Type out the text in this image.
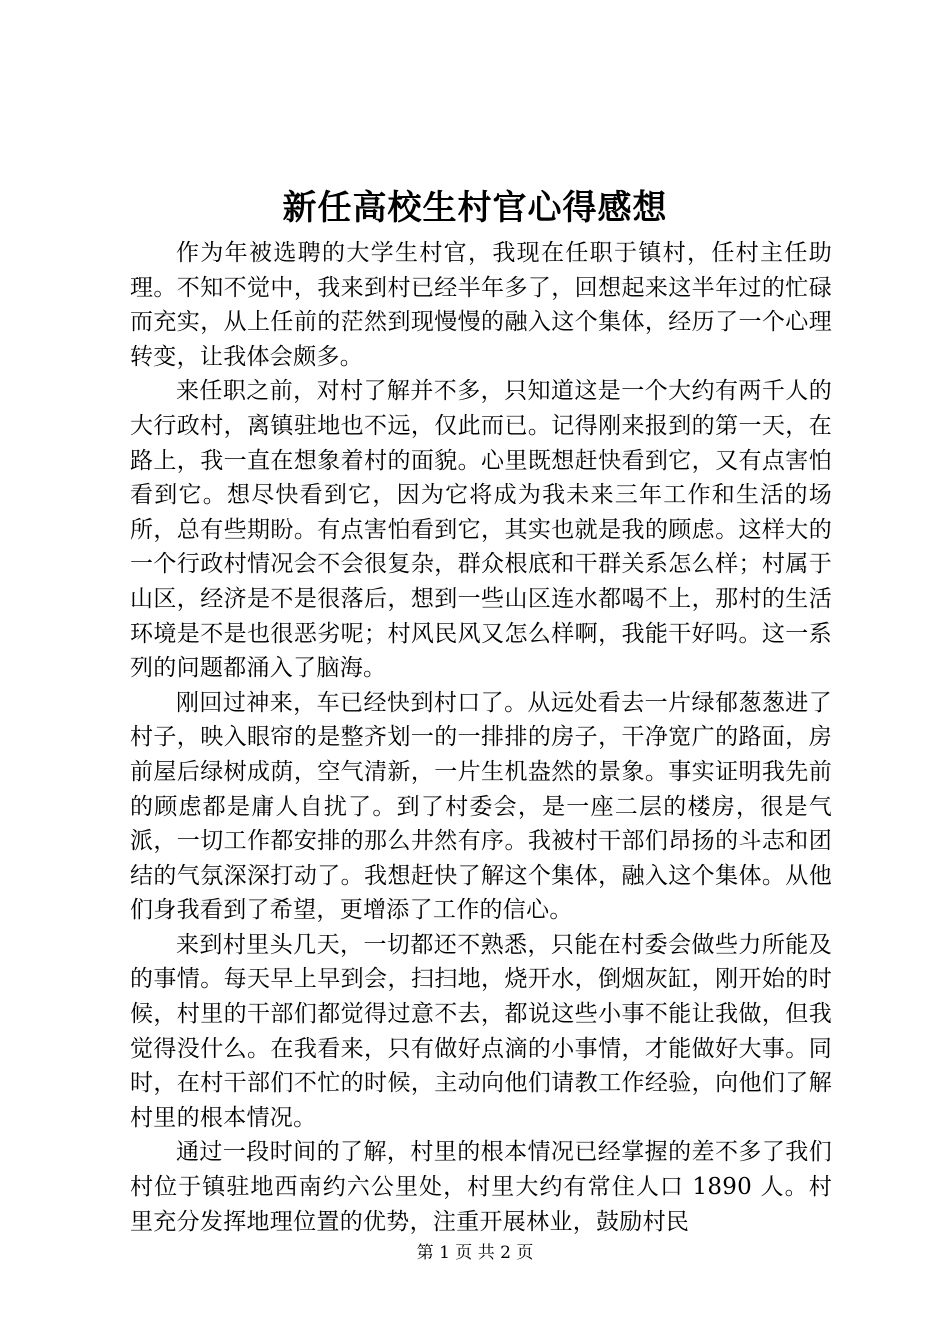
新任高校生村官心得感想

作为年被选聘的大学生村官，我现在任职于镇村，任村主任助理。不知不觉中，我来到村已经半年多了，回想起来这半年过的忙碌而充实，从上任前的茫然到现慢慢的融入这个集体，经历了一个心理转变，让我体会颇多。

来任职之前，对村了解并不多，只知道这是一个大约有两千人的大行政村，离镇驻地也不远，仅此而已。记得刚来报到的第一天，在路上，我一直在想象着村的面貌。心里既想赶快看到它，又有点害怕看到它。想尽快看到它，因为它将成为我未来三年工作和生活的场所，总有些期盼。有点害怕看到它，其实也就是我的顾虑。这样大的一个行政村情况会不会很复杂，群众根底和干群关系怎么样；村属于山区，经济是不是很落后，想到一些山区连水都喝不上，那村的生活环境是不是也很恶劣呢；村风民风又怎么样啊，我能干好吗。这一系列的问题都涌入了脑海。

刚回过神来，车已经快到村口了。从远处看去一片绿郁葱葱进了村子，映入眼帘的是整齐划一的一排排的房子，干净宽广的路面，房前屋后绿树成荫，空气清新，一片生机盎然的景象。事实证明我先前的顾虑都是庸人自扰了。到了村委会，是一座二层的楼房，很是气派，一切工作都安排的那么井然有序。我被村干部们昂扬的斗志和团结的气氛深深打动了。我想赶快了解这个集体，融入这个集体。从他们身我看到了希望，更增添了工作的信心。

来到村里头几天，一切都还不熟悉，只能在村委会做些力所能及的事情。每天早上早到会，扫扫地，烧开水，倒烟灰缸，刚开始的时候，村里的干部们都觉得过意不去，都说这些小事不能让我做，但我觉得没什么。在我看来，只有做好点滴的小事情，才能做好大事。同时，在村干部们不忙的时候，主动向他们请教工作经验，向他们了解村里的根本情况。

通过一段时间的了解，村里的根本情况已经掌握的差不多了我们村位于镇驻地西南约六公里处，村里大约有常住人口 1890 人。村里充分发挥地理位置的优势，注重开展林业，鼓励村民

第 1 页 共 2 页
